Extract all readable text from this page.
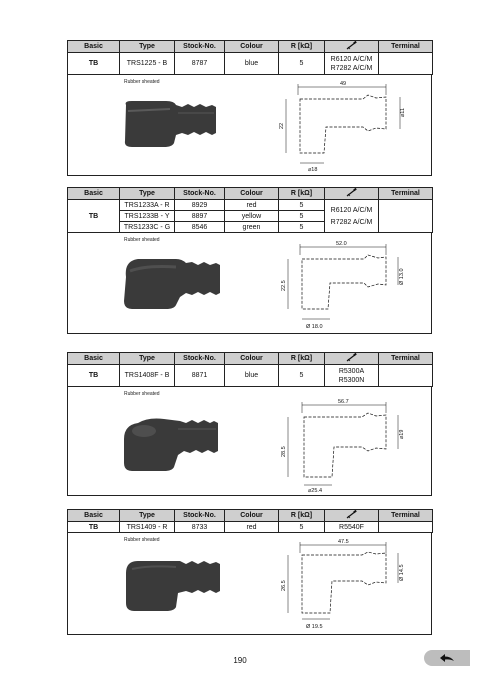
Basic	Type	Stock-No.	Colour	R [kΩ]		Terminal
TB	TRS1225 - B	8787	blue	5	R6120 A/C/M
R7282 A/C/M	

Rubber sheated	49
22
⌀11
⌀18
Basic	Type	Stock-No.	Colour	R [kΩ]		Terminal
TB	TRS1233A - R	8929	red	5	R6120 A/C/M
R7282 A/C/M	

	TRS1233B - Y	8897	yellow	5		
	TRS1233C - G	8546	green	5		
Rubber sheated
52.0
22.5
Ø 13.0
Ø 18.0
Basic	Type	Stock-No.	Colour	R [kΩ]		Terminal
TB	TRS1408F - B	8871	blue	5	R5300A
R5300N	

Rubber sheated
56.7
28.5
⌀19
⌀25.4
Basic	Type	Stock-No.	Colour	R [kΩ]		Terminal
TB	TRS1409 - R	8733	red	5	R5540F	

Rubber sheated	47.5
26.5
Ø 14.5
Ø 19.5
190
